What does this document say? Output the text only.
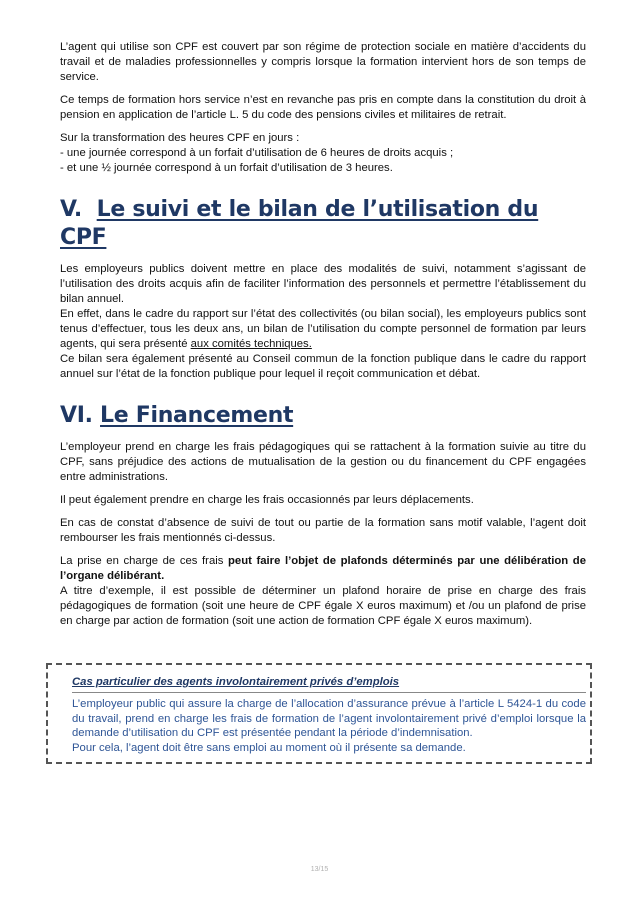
L’agent qui utilise son CPF est couvert par son régime de protection sociale en matière d’accidents du travail et de maladies professionnelles y compris lorsque la formation intervient hors de son temps de service.

Ce temps de formation hors service n’est en revanche pas pris en compte dans la constitution du droit à pension en application de l’article L. 5 du code des pensions civiles et militaires de retrait.

Sur la transformation des heures CPF en jours :
- une journée correspond à un forfait d’utilisation de 6 heures de droits acquis ;
- et une ½ journée correspond à un forfait d’utilisation de 3 heures.

V. Le suivi et le bilan de l’utilisation du CPF

Les employeurs publics doivent mettre en place des modalités de suivi, notamment s’agissant de l’utilisation des droits acquis afin de faciliter l’information des personnels et permettre l’établissement du bilan annuel.

En effet, dans le cadre du rapport sur l’état des collectivités (ou bilan social), les employeurs publics sont tenus d’effectuer, tous les deux ans, un bilan de l’utilisation du compte personnel de formation par leurs agents, qui sera présenté aux comités techniques.

Ce bilan sera également présenté au Conseil commun de la fonction publique dans le cadre du rapport annuel sur l’état de la fonction publique pour lequel il reçoit communication et débat.

VI. Le Financement

L’employeur prend en charge les frais pédagogiques qui se rattachent à la formation suivie au titre du CPF, sans préjudice des actions de mutualisation de la gestion ou du financement du CPF engagées entre administrations.

Il peut également prendre en charge les frais occasionnés par leurs déplacements.

En cas de constat d’absence de suivi de tout ou partie de la formation sans motif valable, l’agent doit rembourser les frais mentionnés ci-dessus.

La prise en charge de ces frais peut faire l’objet de plafonds déterminés par une délibération de l’organe délibérant.

A titre d’exemple, il est possible de déterminer un plafond horaire de prise en charge des frais pédagogiques de formation (soit une heure de CPF égale X euros maximum) et /ou un plafond de prise en charge par action de formation (soit une action de formation CPF égale X euros maximum).

Cas particulier des agents involontairement privés d’emplois
L’employeur public qui assure la charge de l’allocation d’assurance prévue à l’article L 5424-1 du code du travail, prend en charge les frais de formation de l’agent involontairement privé d’emploi lorsque la demande d’utilisation du CPF est présentée pendant la période d’indemnisation.
Pour cela, l’agent doit être sans emploi au moment où il présente sa demande.
13/15
